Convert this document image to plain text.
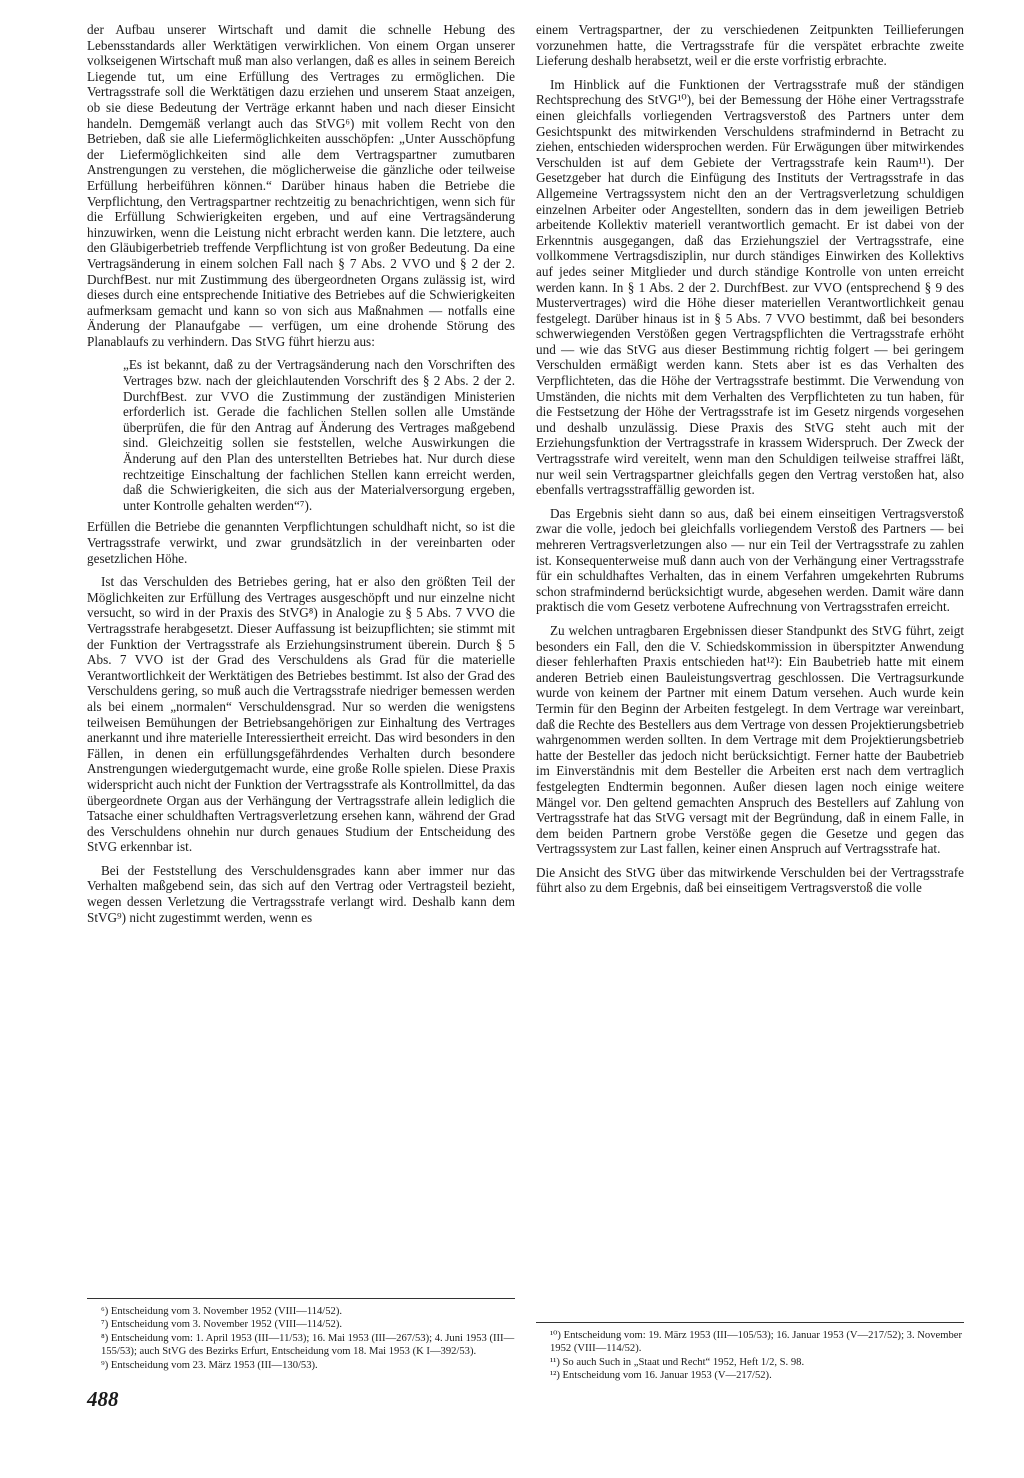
der Aufbau unserer Wirtschaft und damit die schnelle Hebung des Lebensstandards aller Werktätigen verwirklichen. Von einem Organ unserer volkseigenen Wirtschaft muß man also verlangen, daß es alles in seinem Bereich Liegende tut, um eine Erfüllung des Vertrages zu ermöglichen. Die Vertragsstrafe soll die Werktätigen dazu erziehen und unserem Staat anzeigen, ob sie diese Bedeutung der Verträge erkannt haben und nach dieser Einsicht handeln. Demgemäß verlangt auch das StVG⁶) mit vollem Recht von den Betrieben, daß sie alle Liefermöglichkeiten ausschöpfen: „Unter Ausschöpfung der Liefermöglichkeiten sind alle dem Vertragspartner zumutbaren Anstrengungen zu verstehen, die möglicherweise die gänzliche oder teilweise Erfüllung herbeiführen können.“ Darüber hinaus haben die Betriebe die Verpflichtung, den Vertragspartner rechtzeitig zu benachrichtigen, wenn sich für die Erfüllung Schwierigkeiten ergeben, und auf eine Vertragsänderung hinzuwirken, wenn die Leistung nicht erbracht werden kann. Die letztere, auch den Gläubigerbetrieb treffende Verpflichtung ist von großer Bedeutung. Da eine Vertragsänderung in einem solchen Fall nach § 7 Abs. 2 VVO und § 2 der 2. DurchfBest. nur mit Zustimmung des übergeordneten Organs zulässig ist, wird dieses durch eine entsprechende Initiative des Betriebes auf die Schwierigkeiten aufmerksam gemacht und kann so von sich aus Maßnahmen — notfalls eine Änderung der Planaufgabe — verfügen, um eine drohende Störung des Planablaufs zu verhindern. Das StVG führt hierzu aus:

„Es ist bekannt, daß zu der Vertragsänderung nach den Vorschriften des Vertrages bzw. nach der gleichlautenden Vorschrift des § 2 Abs. 2 der 2. DurchfBest. zur VVO die Zustimmung der zuständigen Ministerien erforderlich ist. Gerade die fachlichen Stellen sollen alle Umstände überprüfen, die für den Antrag auf Änderung des Vertrages maßgebend sind. Gleichzeitig sollen sie feststellen, welche Auswirkungen die Änderung auf den Plan des unterstellten Betriebes hat. Nur durch diese rechtzeitige Einschaltung der fachlichen Stellen kann erreicht werden, daß die Schwierigkeiten, die sich aus der Materialversorgung ergeben, unter Kontrolle gehalten werden“⁷).

Erfüllen die Betriebe die genannten Verpflichtungen schuldhaft nicht, so ist die Vertragsstrafe verwirkt, und zwar grundsätzlich in der vereinbarten oder gesetzlichen Höhe.

Ist das Verschulden des Betriebes gering, hat er also den größten Teil der Möglichkeiten zur Erfüllung des Vertrages ausgeschöpft und nur einzelne nicht versucht, so wird in der Praxis des StVG⁸) in Analogie zu § 5 Abs. 7 VVO die Vertragsstrafe herabgesetzt. Dieser Auffassung ist beizupflichten; sie stimmt mit der Funktion der Vertragsstrafe als Erziehungsinstrument überein. Durch § 5 Abs. 7 VVO ist der Grad des Verschuldens als Grad für die materielle Verantwortlichkeit der Werktätigen des Betriebes bestimmt. Ist also der Grad des Verschuldens gering, so muß auch die Vertragsstrafe niedriger bemessen werden als bei einem „normalen“ Verschuldensgrad. Nur so werden die wenigstens teilweisen Bemühungen der Betriebsangehörigen zur Einhaltung des Vertrages anerkannt und ihre materielle Interessiertheit erreicht. Das wird besonders in den Fällen, in denen ein erfüllungsgefährdendes Verhalten durch besondere Anstrengungen wiedergutgemacht wurde, eine große Rolle spielen. Diese Praxis widerspricht auch nicht der Funktion der Vertragsstrafe als Kontrollmittel, da das übergeordnete Organ aus der Verhängung der Vertragsstrafe allein lediglich die Tatsache einer schuldhaften Vertragsverletzung ersehen kann, während der Grad des Verschuldens ohnehin nur durch genaues Studium der Entscheidung des StVG erkennbar ist.

Bei der Feststellung des Verschuldensgrades kann aber immer nur das Verhalten maßgebend sein, das sich auf den Vertrag oder Vertragsteil bezieht, wegen dessen Verletzung die Vertragsstrafe verlangt wird. Deshalb kann dem StVG⁹) nicht zugestimmt werden, wenn es

einem Vertragspartner, der zu verschiedenen Zeitpunkten Teillieferungen vorzunehmen hatte, die Vertragsstrafe für die verspätet erbrachte zweite Lieferung deshalb herabsetzt, weil er die erste vorfristig erbrachte.

Im Hinblick auf die Funktionen der Vertragsstrafe muß der ständigen Rechtsprechung des StVG¹⁰), bei der Bemessung der Höhe einer Vertragsstrafe einen gleichfalls vorliegenden Vertragsverstoß des Partners unter dem Gesichtspunkt des mitwirkenden Verschuldens strafmindernd in Betracht zu ziehen, entschieden widersprochen werden. Für Erwägungen über mitwirkendes Verschulden ist auf dem Gebiete der Vertragsstrafe kein Raum¹¹). Der Gesetzgeber hat durch die Einfügung des Instituts der Vertragsstrafe in das Allgemeine Vertragssystem nicht den an der Vertragsverletzung schuldigen einzelnen Arbeiter oder Angestellten, sondern das in dem jeweiligen Betrieb arbeitende Kollektiv materiell verantwortlich gemacht. Er ist dabei von der Erkenntnis ausgegangen, daß das Erziehungsziel der Vertragsstrafe, eine vollkommene Vertragsdisziplin, nur durch ständiges Einwirken des Kollektivs auf jedes seiner Mitglieder und durch ständige Kontrolle von unten erreicht werden kann. In § 1 Abs. 2 der 2. DurchfBest. zur VVO (entsprechend § 9 des Mustervertrages) wird die Höhe dieser materiellen Verantwortlichkeit genau festgelegt. Darüber hinaus ist in § 5 Abs. 7 VVO bestimmt, daß bei besonders schwerwiegenden Verstößen gegen Vertragspflichten die Vertragsstrafe erhöht und — wie das StVG aus dieser Bestimmung richtig folgert — bei geringem Verschulden ermäßigt werden kann. Stets aber ist es das Verhalten des Verpflichteten, das die Höhe der Vertragsstrafe bestimmt. Die Verwendung von Umständen, die nichts mit dem Verhalten des Verpflichteten zu tun haben, für die Festsetzung der Höhe der Vertragsstrafe ist im Gesetz nirgends vorgesehen und deshalb unzulässig. Diese Praxis des StVG steht auch mit der Erziehungsfunktion der Vertragsstrafe in krassem Widerspruch. Der Zweck der Vertragsstrafe wird vereitelt, wenn man den Schuldigen teilweise straffrei läßt, nur weil sein Vertragspartner gleichfalls gegen den Vertrag verstoßen hat, also ebenfalls vertragsstraffällig geworden ist.

Das Ergebnis sieht dann so aus, daß bei einem einseitigen Vertragsverstoß zwar die volle, jedoch bei gleichfalls vorliegendem Verstoß des Partners — bei mehreren Vertragsverletzungen also — nur ein Teil der Vertragsstrafe zu zahlen ist. Konsequenterweise muß dann auch von der Verhängung einer Vertragsstrafe für ein schuldhaftes Verhalten, das in einem Verfahren umgekehrten Rubrums schon strafmindernd berücksichtigt wurde, abgesehen werden. Damit wäre dann praktisch die vom Gesetz verbotene Aufrechnung von Vertragsstrafen erreicht.

Zu welchen untragbaren Ergebnissen dieser Standpunkt des StVG führt, zeigt besonders ein Fall, den die V. Schiedskommission in überspitzter Anwendung dieser fehlerhaften Praxis entschieden hat¹²): Ein Baubetrieb hatte mit einem anderen Betrieb einen Bauleistungsvertrag geschlossen. Die Vertragsurkunde wurde von keinem der Partner mit einem Datum versehen. Auch wurde kein Termin für den Beginn der Arbeiten festgelegt. In dem Vertrage war vereinbart, daß die Rechte des Bestellers aus dem Vertrage von dessen Projektierungsbetrieb wahrgenommen werden sollten. In dem Vertrage mit dem Projektierungsbetrieb hatte der Besteller das jedoch nicht berücksichtigt. Ferner hatte der Baubetrieb im Einverständnis mit dem Besteller die Arbeiten erst nach dem vertraglich festgelegten Endtermin begonnen. Außer diesen lagen noch einige weitere Mängel vor. Den geltend gemachten Anspruch des Bestellers auf Zahlung von Vertragsstrafe hat das StVG versagt mit der Begründung, daß in einem Falle, in dem beiden Partnern grobe Verstöße gegen die Gesetze und gegen das Vertragssystem zur Last fallen, keiner einen Anspruch auf Vertragsstrafe hat.

Die Ansicht des StVG über das mitwirkende Verschulden bei der Vertragsstrafe führt also zu dem Ergebnis, daß bei einseitigem Vertragsverstoß die volle

⁶) Entscheidung vom 3. November 1952 (VIII—114/52).
⁷) Entscheidung vom 3. November 1952 (VIII—114/52).
⁸) Entscheidung vom: 1. April 1953 (III—11/53); 16. Mai 1953 (III—267/53); 4. Juni 1953 (III—155/53); auch StVG des Bezirks Erfurt, Entscheidung vom 18. Mai 1953 (K I—392/53).
⁹) Entscheidung vom 23. März 1953 (III—130/53).
¹⁰) Entscheidung vom: 19. März 1953 (III—105/53); 16. Januar 1953 (V—217/52); 3. November 1952 (VIII—114/52).
¹¹) So auch Such in „Staat und Recht“ 1952, Heft 1/2, S. 98.
¹²) Entscheidung vom 16. Januar 1953 (V—217/52).
488
